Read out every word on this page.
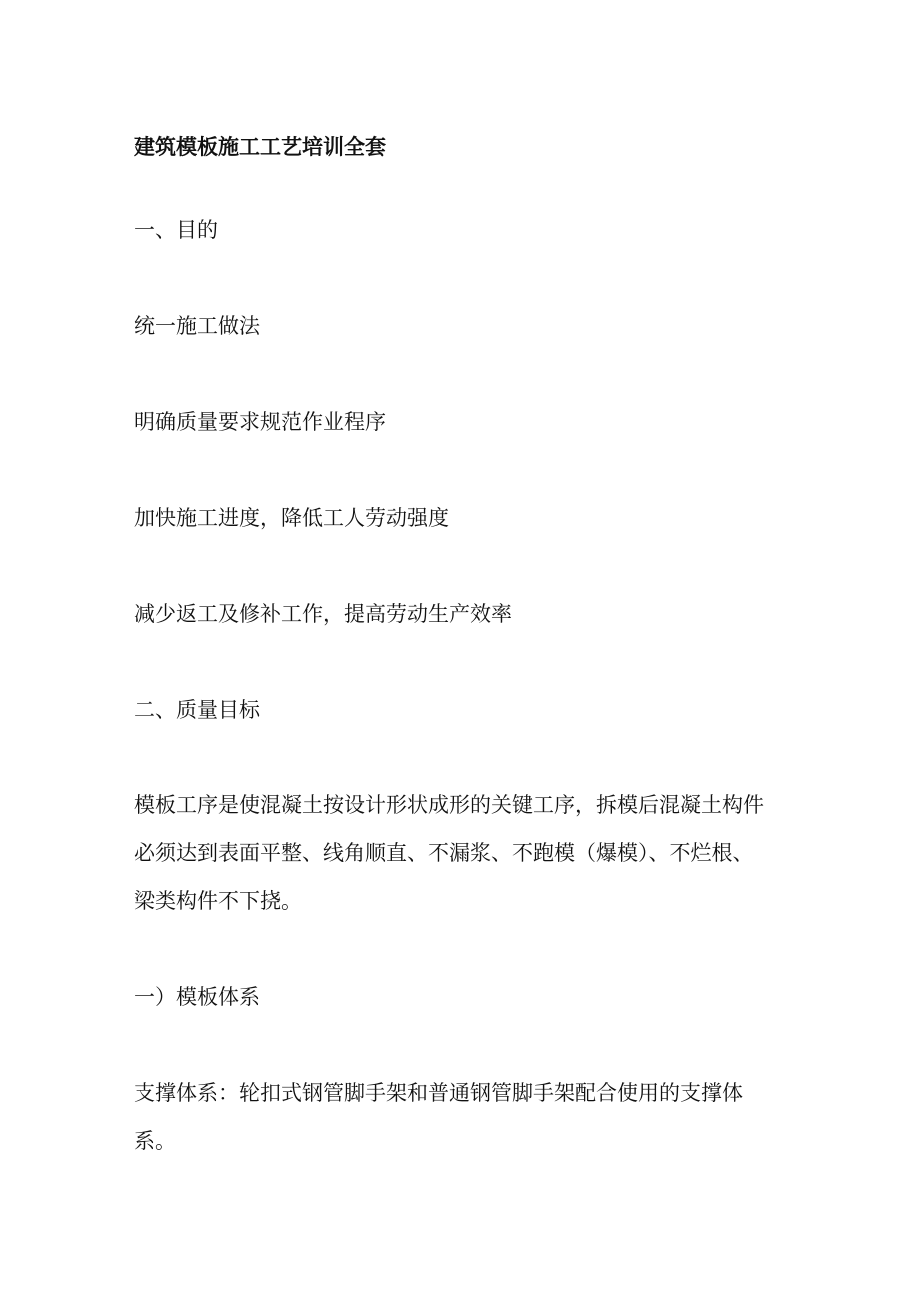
建筑模板施工工艺培训全套

一、目的

统一施工做法

明确质量要求规范作业程序

加快施工进度，降低工人劳动强度

减少返工及修补工作，提高劳动生产效率

二、质量目标

模板工序是使混凝土按设计形状成形的关键工序，拆模后混凝土构件

必须达到表面平整、线角顺直、不漏浆、不跑模（爆模）、不烂根、

梁类构件不下挠。

一）模板体系

支撑体系：轮扣式钢管脚手架和普通钢管脚手架配合使用的支撑体

系。
